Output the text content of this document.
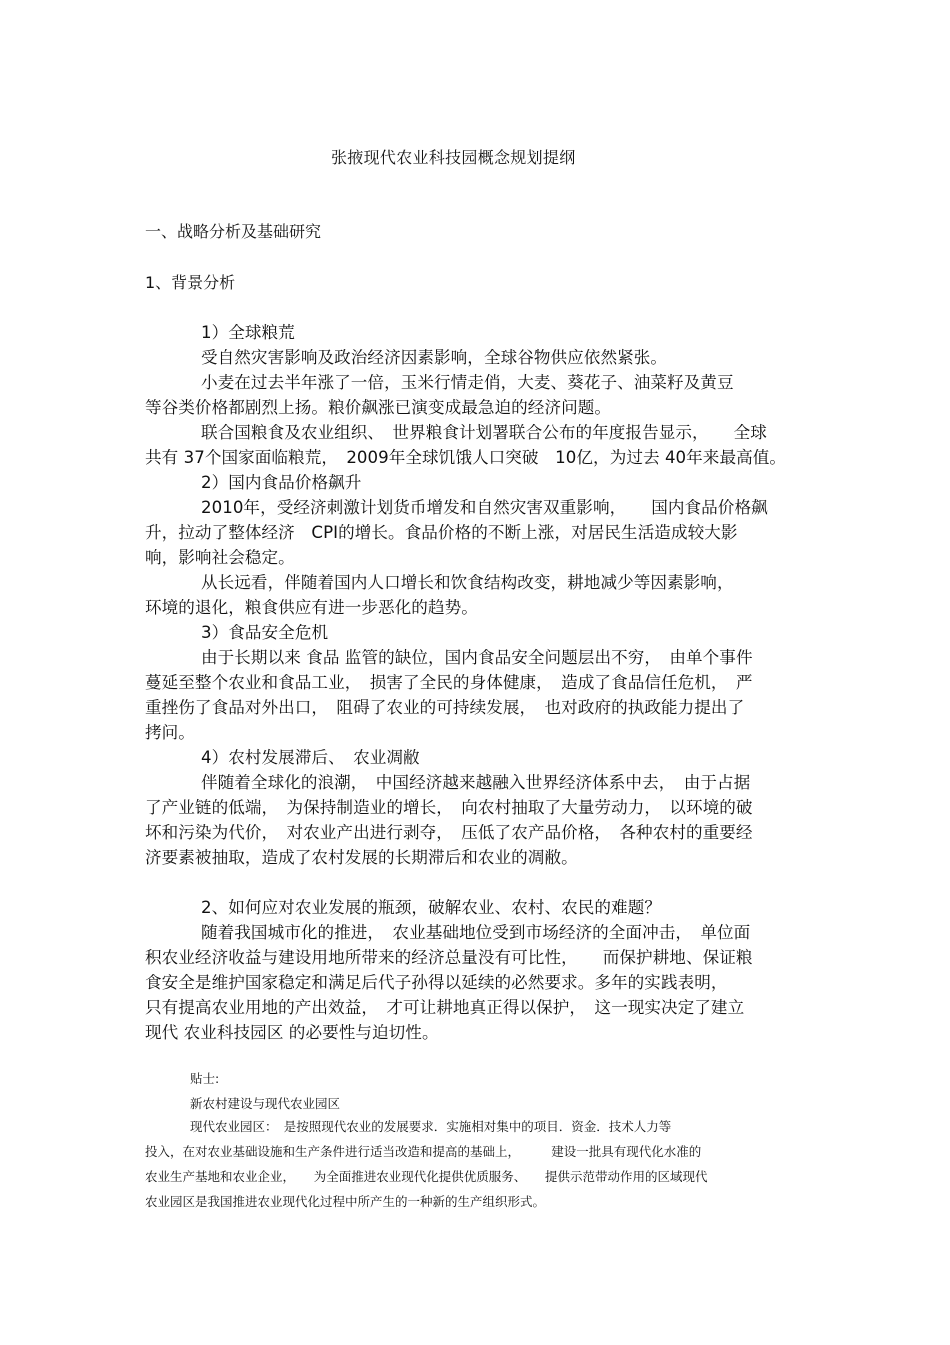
张掖现代农业科技园概念规划提纲
一、战略分析及基础研究
1、背景分析
1）全球粮荒
受自然灾害影响及政治经济因素影响，全球谷物供应依然紧张。
小麦在过去半年涨了一倍，玉米行情走俏，大麦、葵花子、油菜籽及黄豆
等谷类价格都剧烈上扬。粮价飙涨已演变成最急迫的经济问题。
联合国粮食及农业组织、　世界粮食计划署联合公布的年度报告显示，　　全球
共有 37个国家面临粮荒，　2009年全球饥饿人口突破　10亿，为过去 40年来最高值。
2）国内食品价格飙升
2010年，受经济刺激计划货币增发和自然灾害双重影响，　　国内食品价格飙
升，拉动了整体经济　CPI的增长。食品价格的不断上涨，对居民生活造成较大影
响，影响社会稳定。
从长远看，伴随着国内人口增长和饮食结构改变，耕地减少等因素影响，
环境的退化，粮食供应有进一步恶化的趋势。
3）食品安全危机
由于长期以来 食品 监管的缺位，国内食品安全问题层出不穷，　由单个事件
蔓延至整个农业和食品工业，　损害了全民的身体健康，　造成了食品信任危机，　严
重挫伤了食品对外出口，　阻碍了农业的可持续发展，　也对政府的执政能力提出了
拷问。
4）农村发展滞后、　农业凋敝
伴随着全球化的浪潮，　中国经济越来越融入世界经济体系中去，　由于占据
了产业链的低端，　为保持制造业的增长，　向农村抽取了大量劳动力，　以环境的破
坏和污染为代价，　对农业产出进行剥夺，　压低了农产品价格，　各种农村的重要经
济要素被抽取，造成了农村发展的长期滞后和农业的凋敝。
2、如何应对农业发展的瓶颈，破解农业、农村、农民的难题？
随着我国城市化的推进，　农业基础地位受到市场经济的全面冲击，　单位面
积农业经济收益与建设用地所带来的经济总量没有可比性，　　而保护耕地、保证粮
食安全是维护国家稳定和满足后代子孙得以延续的必然要求。多年的实践表明，
只有提高农业用地的产出效益，　才可让耕地真正得以保护，　这一现实决定了建立
现代 农业科技园区 的必要性与迫切性。
贴士:
新农村建设与现代农业园区
现代农业园区：　是按照现代农业的发展要求．实施相对集中的项目．资金．技术人力等
投入，在对农业基础设施和生产条件进行适当改造和提高的基础上，　　　建设一批具有现代化水准的
农业生产基地和农业企业，　　为全面推进农业现代化提供优质服务、　　提供示范带动作用的区域现代
农业园区是我国推进农业现代化过程中所产生的一种新的生产组织形式。
